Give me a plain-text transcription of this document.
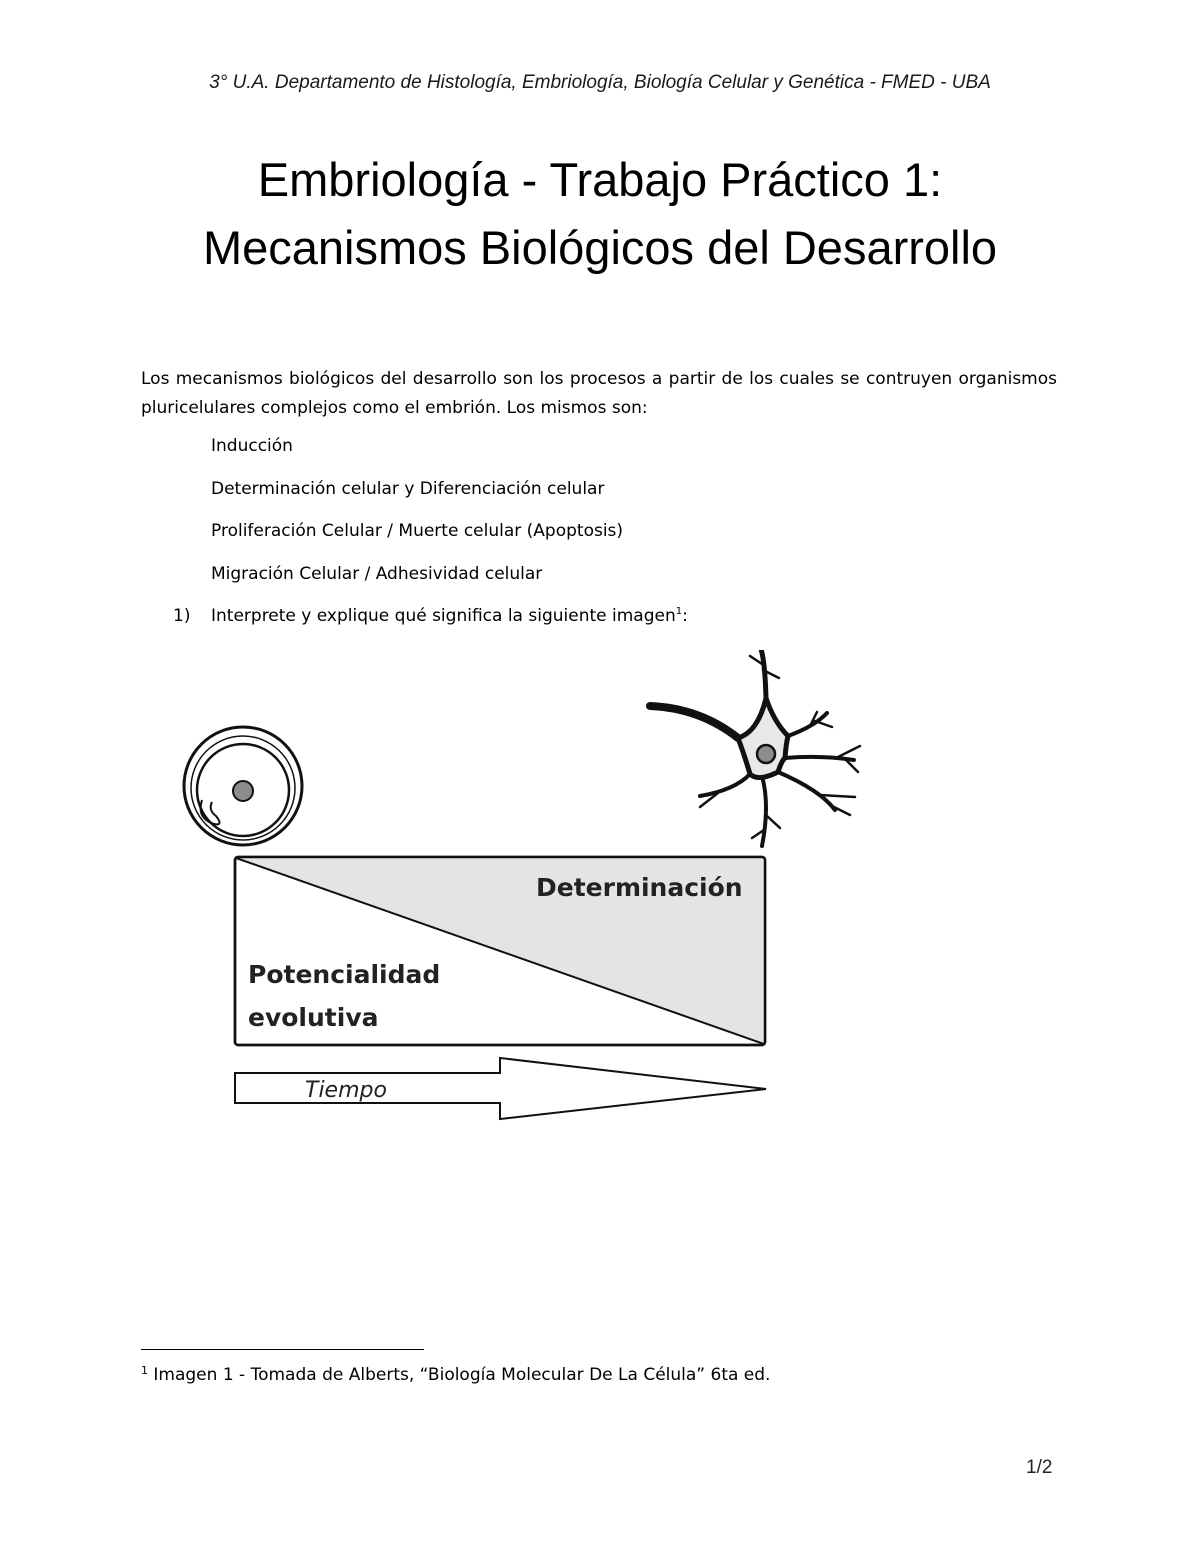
3° U.A. Departamento de Histología, Embriología, Biología Celular y Genética - FMED - UBA
Embriología - Trabajo Práctico 1:
Mecanismos Biológicos del Desarrollo
Los mecanismos biológicos del desarrollo son los procesos a partir de los cuales se contruyen organismos pluricelulares complejos como el embrión. Los mismos son:
Inducción
Determinación celular y Diferenciación celular
Proliferación Celular / Muerte celular (Apoptosis)
Migración Celular / Adhesividad celular
1) Interprete y explique qué significa la siguiente imagen$^1$:
Determinación
Potencialidad
evolutiva
Tiempo
$^1$ Imagen 1 - Tomada de Alberts, “Biología Molecular De La Célula” 6ta ed.
1/2
